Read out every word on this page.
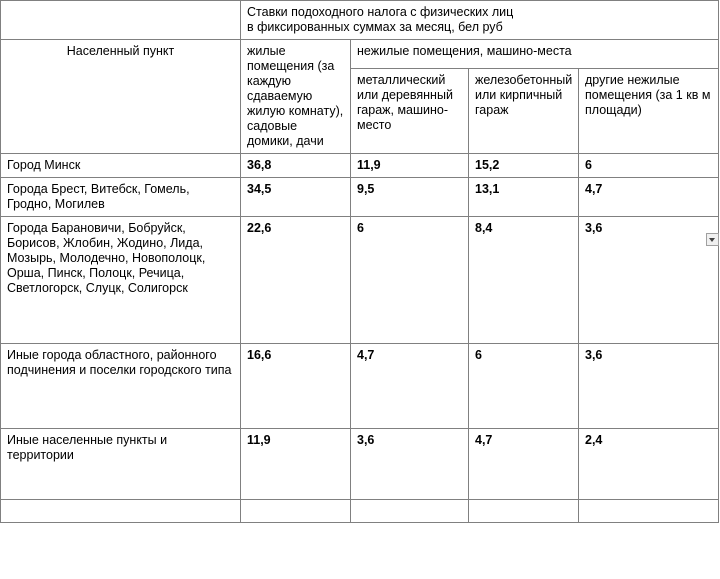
	Ставки подоходного налога с физических лиц
в фиксированных суммах за месяц, бел руб			

Населенный пункт	жилые помещения (за каждую сдаваемую жилую комнату), садовые домики, дачи	нежилые помещения, машино-места		
		металлический или деревянный гараж, машино-место	железобетонный или кирпичный гараж	другие нежилые помещения (за 1 кв м площади)
Город Минск	36,8	11,9	15,2	6
Города Брест, Витебск, Гомель, Гродно, Могилев	34,5	9,5	13,1	4,7
Города Барановичи, Бобруйск, Борисов, Жлобин, Жодино, Лида, Мозырь, Молодечно, Новополоцк, Орша, Пинск, Полоцк, Речица, Светлогорск, Слуцк, Солигорск	22,6	6	8,4	3,6
Иные города областного, районного подчинения и поселки городского типа	16,6	4,7	6	3,6
Иные населенные пункты и территории	11,9	3,6	4,7	2,4
